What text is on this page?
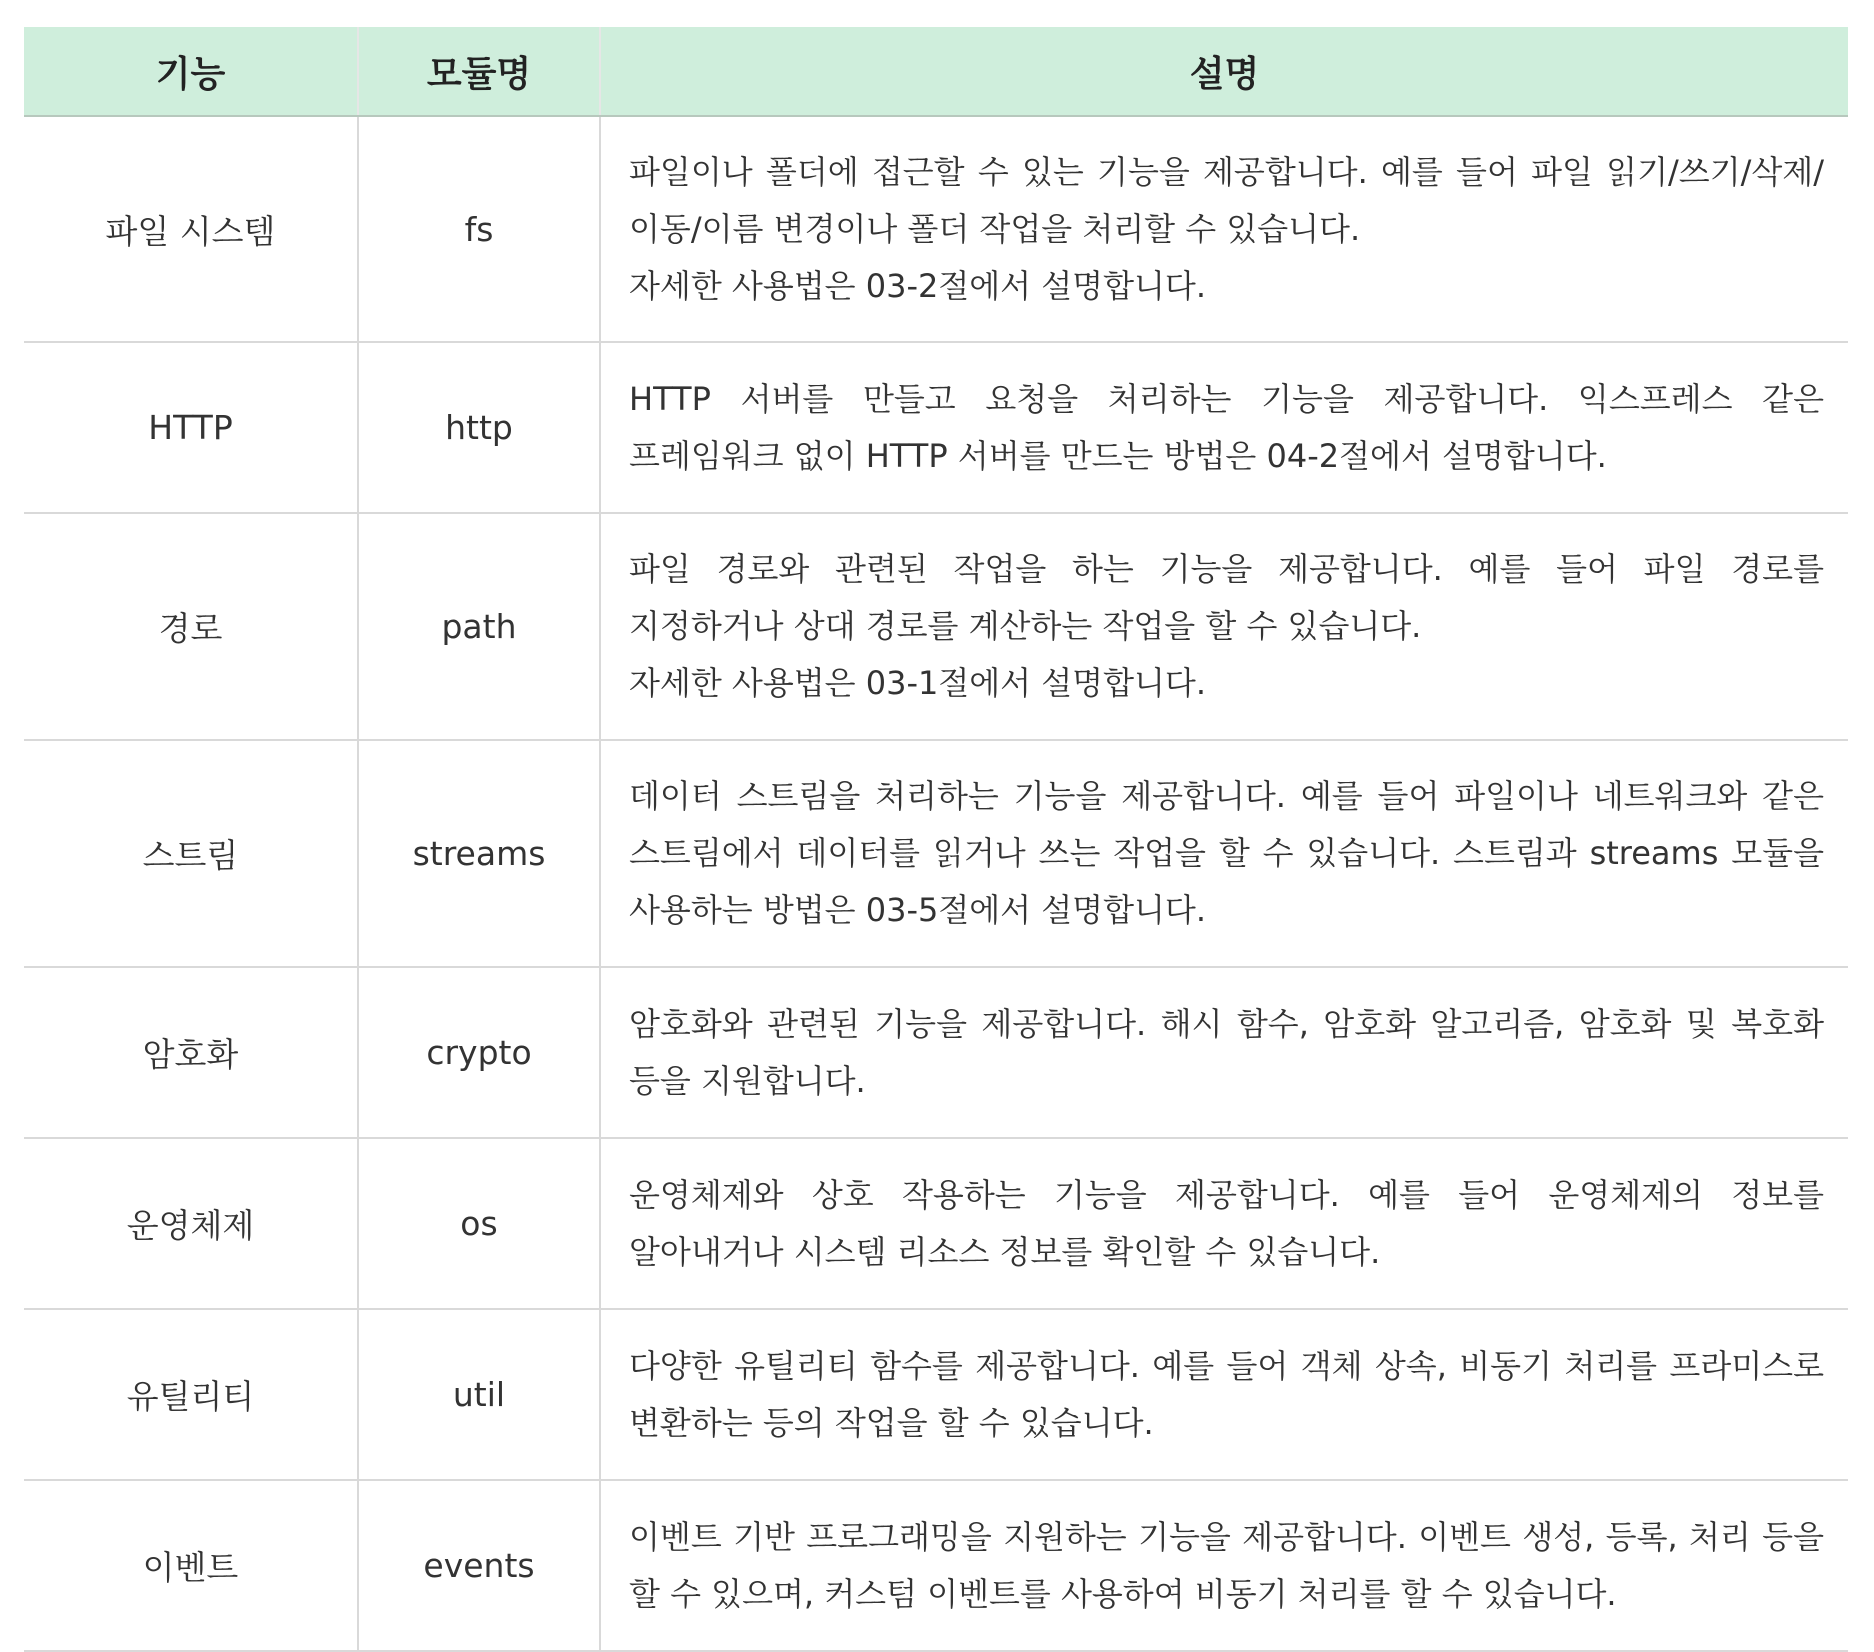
기능	모듈명	설명
파일 시스템	fs	파일이나 폴더에 접근할 수 있는 기능을 제공합니다. 예를 들어 파일 읽기/쓰기/삭제/이동/이름 변경이나 폴더 작업을 처리할 수 있습니다.
자세한 사용법은 03-2절에서 설명합니다.

HTTP	http	HTTP 서버를 만들고 요청을 처리하는 기능을 제공합니다. 익스프레스 같은 프레임워크 없이 HTTP 서버를 만드는 방법은 04-2절에서 설명합니다.

경로	path	파일 경로와 관련된 작업을 하는 기능을 제공합니다. 예를 들어 파일 경로를 지정하거나 상대 경로를 계산하는 작업을 할 수 있습니다.
자세한 사용법은 03-1절에서 설명합니다.

스트림	streams	데이터 스트림을 처리하는 기능을 제공합니다. 예를 들어 파일이나 네트워크와 같은 스트림에서 데이터를 읽거나 쓰는 작업을 할 수 있습니다. 스트림과 streams 모듈을 사용하는 방법은 03-5절에서 설명합니다.

암호화	crypto	암호화와 관련된 기능을 제공합니다. 해시 함수, 암호화 알고리즘, 암호화 및 복호화 등을 지원합니다.

운영체제	os	운영체제와 상호 작용하는 기능을 제공합니다. 예를 들어 운영체제의 정보를 알아내거나 시스템 리소스 정보를 확인할 수 있습니다.

유틸리티	util	다양한 유틸리티 함수를 제공합니다. 예를 들어 객체 상속, 비동기 처리를 프라미스로 변환하는 등의 작업을 할 수 있습니다.

이벤트	events	이벤트 기반 프로그래밍을 지원하는 기능을 제공합니다. 이벤트 생성, 등록, 처리 등을 할 수 있으며, 커스텀 이벤트를 사용하여 비동기 처리를 할 수 있습니다.
